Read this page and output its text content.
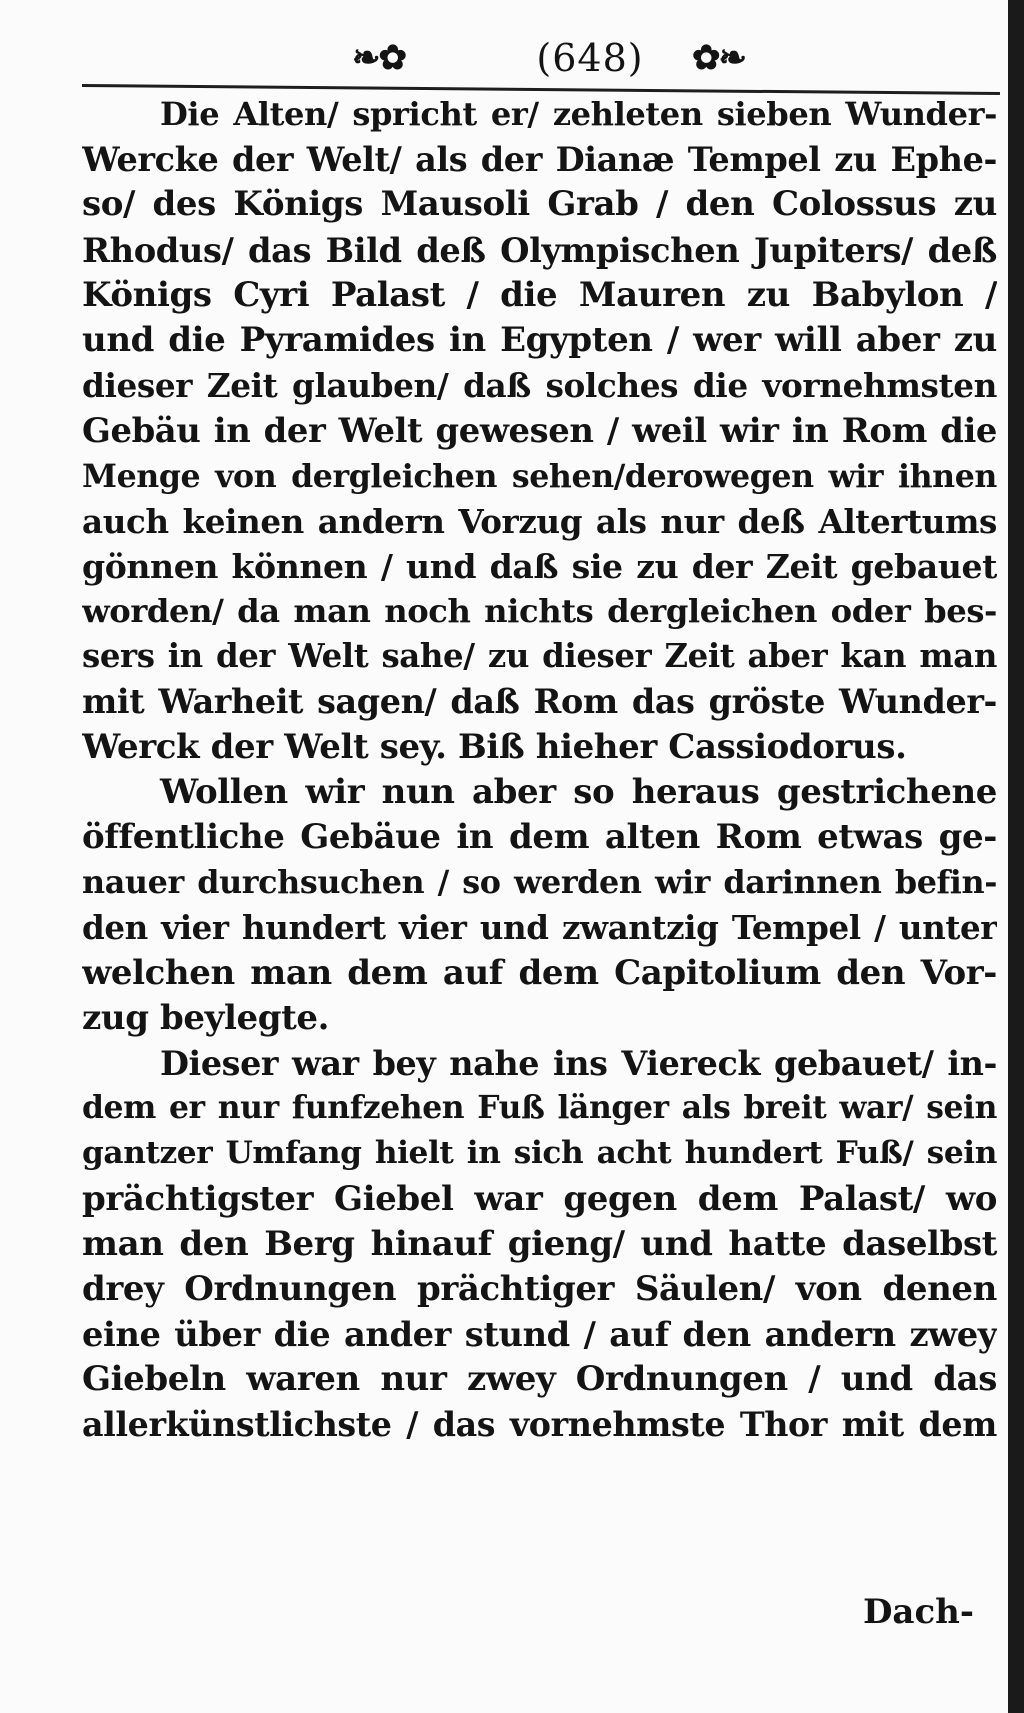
❧✿	(648)	✿❧
Die Alten/ spricht er/ zehleten sieben Wunder-
Wercke der Welt/ als der Dianæ Tempel zu Ephe-
so/ des Königs Mausoli Grab / den Colossus zu
Rhodus/ das Bild deß Olympischen Jupiters/ deß
Königs Cyri Palast / die Mauren zu Babylon /
und die Pyramides in Egypten / wer will aber zu
dieser Zeit glauben/ daß solches die vornehmsten
Gebäu in der Welt gewesen / weil wir in Rom die
Menge von dergleichen sehen/derowegen wir ihnen
auch keinen andern Vorzug als nur deß Altertums
gönnen können / und daß sie zu der Zeit gebauet
worden/ da man noch nichts dergleichen oder bes-
sers in der Welt sahe/ zu dieser Zeit aber kan man
mit Warheit sagen/ daß Rom das gröste Wunder-
Werck der Welt sey. Biß hieher Cassiodorus.
Wollen wir nun aber so heraus gestrichene
öffentliche Gebäue in dem alten Rom etwas ge-
nauer durchsuchen / so werden wir darinnen befin-
den vier hundert vier und zwantzig Tempel / unter
welchen man dem auf dem Capitolium den Vor-
zug beylegte.
Dieser war bey nahe ins Viereck gebauet/ in-
dem er nur funfzehen Fuß länger als breit war/ sein
gantzer Umfang hielt in sich acht hundert Fuß/ sein
prächtigster Giebel war gegen dem Palast/ wo
man den Berg hinauf gieng/ und hatte daselbst
drey Ordnungen prächtiger Säulen/ von denen
eine über die ander stund / auf den andern zwey
Giebeln waren nur zwey Ordnungen / und das
allerkünstlichste / das vornehmste Thor mit dem
Dach-
